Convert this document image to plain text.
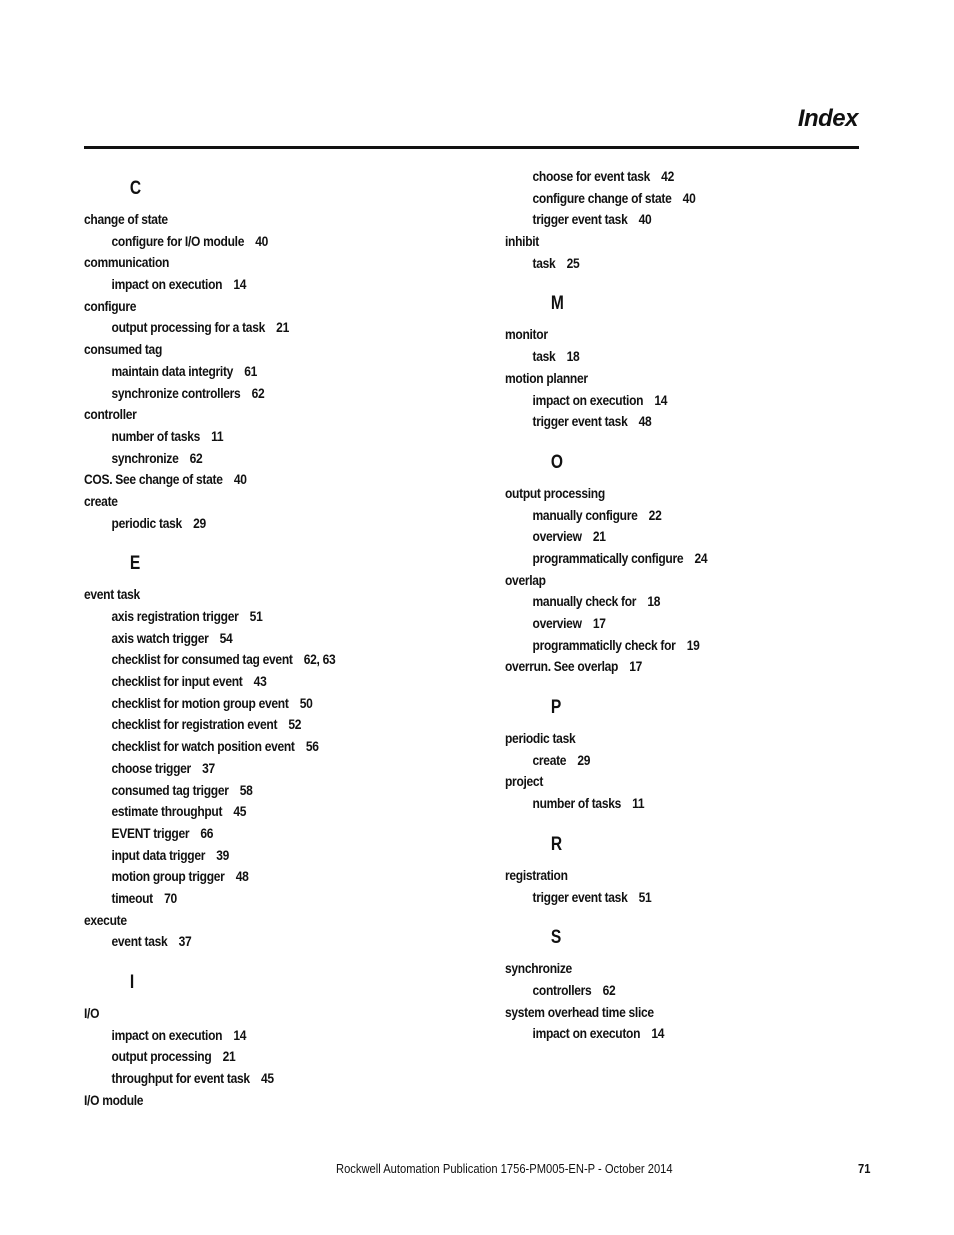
Index
C
change of state
configure for I/O module 40
communication
impact on execution 14
configure
output processing for a task 21
consumed tag
maintain data integrity 61
synchronize controllers 62
controller
number of tasks 11
synchronize 62
COS. See change of state 40
create
periodic task 29
E
event task
axis registration trigger 51
axis watch trigger 54
checklist for consumed tag event 62, 63
checklist for input event 43
checklist for motion group event 50
checklist for registration event 52
checklist for watch position event 56
choose trigger 37
consumed tag trigger 58
estimate throughput 45
EVENT trigger 66
input data trigger 39
motion group trigger 48
timeout 70
execute
event task 37
I
I/O
impact on execution 14
output processing 21
throughput for event task 45
I/O module
choose for event task 42
configure change of state 40
trigger event task 40
inhibit
task 25
M
monitor
task 18
motion planner
impact on execution 14
trigger event task 48
O
output processing
manually configure 22
overview 21
programmatically configure 24
overlap
manually check for 18
overview 17
programmaticlly check for 19
overrun. See overlap 17
P
periodic task
create 29
project
number of tasks 11
R
registration
trigger event task 51
S
synchronize
controllers 62
system overhead time slice
impact on executon 14
Rockwell Automation Publication 1756-PM005-EN-P - October 2014	71
